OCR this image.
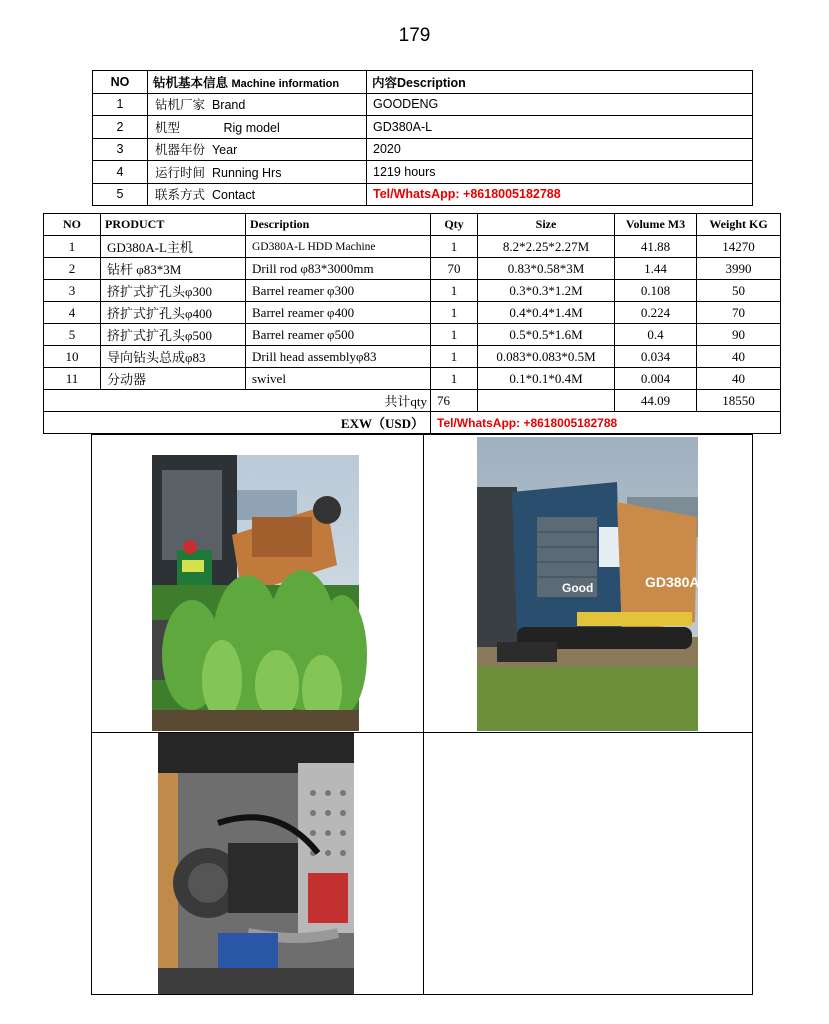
179
NO	钻机基本信息 Machine information	内容Description
1	钻机厂家 Brand	GOODENG
2	机型 Rig model	GD380A-L
3	机器年份 Year	2020
4	运行时间 Running Hrs	1219 hours
5	联系方式 Contact	Tel/WhatsApp: +8618005182788
NO	PRODUCT	Description	Qty	Size	Volume M3	Weight KG
1	GD380A-L主机	GD380A-L HDD Machine	1	8.2*2.25*2.27M	41.88	14270
2	钻杆 φ83*3M	Drill rod φ83*3000mm	70	0.83*0.58*3M	1.44	3990
3	挤扩式扩孔头φ300	Barrel reamer φ300	1	0.3*0.3*1.2M	0.108	50
4	挤扩式扩孔头φ400	Barrel reamer φ400	1	0.4*0.4*1.4M	0.224	70
5	挤扩式扩孔头φ500	Barrel reamer φ500	1	0.5*0.5*1.6M	0.4	90
10	导向钻头总成φ83	Drill head assemblyφ83	1	0.083*0.083*0.5M	0.034	40
11	分动器	swivel	1	0.1*0.1*0.4M	0.004	40
共计qty			76		44.09	18550
EXW（USD）			Tel/WhatsApp: +8618005182788			
GD380A-L
Good
